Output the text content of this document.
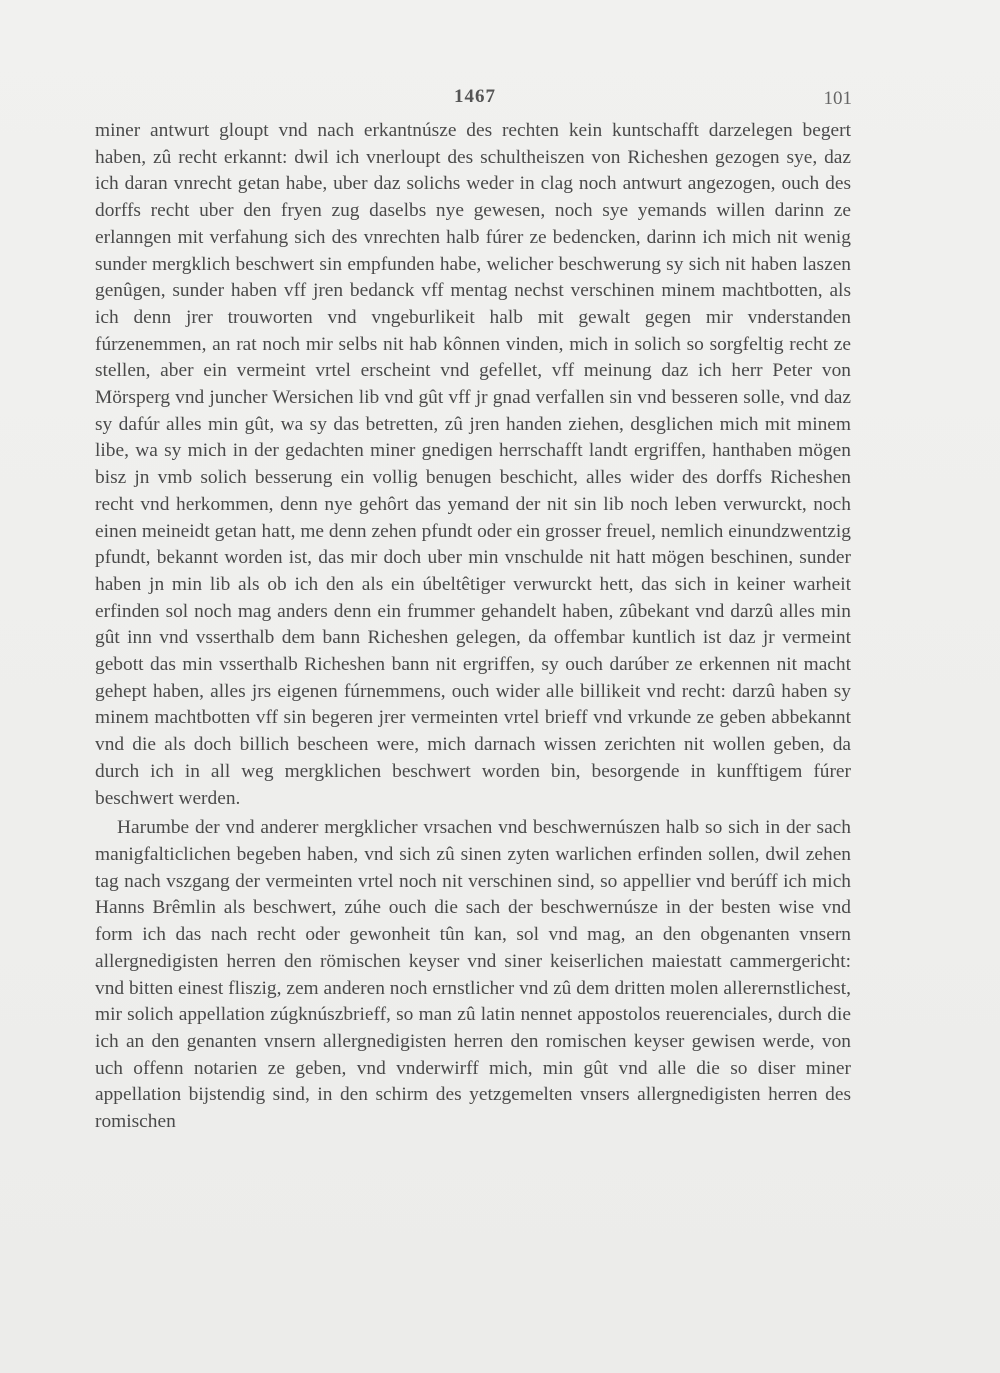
1467	101

miner antwurt gloupt vnd nach erkantnúsze des rechten kein kuntschafft darzelegen begert haben, zû recht erkannt: dwil ich vnerloupt des schultheiszen von Richeshen gezogen sye, daz ich daran vnrecht getan habe, uber daz solichs weder in clag noch antwurt angezogen, ouch des dorffs recht uber den fryen zug daselbs nye gewesen, noch sye yemands willen darinn ze erlanngen mit verfahung sich des vnrechten halb fúrer ze bedencken, darinn ich mich nit wenig sunder mergklich beschwert sin empfunden habe, welicher beschwerung sy sich nit haben laszen genûgen, sunder haben vff jren bedanck vff mentag nechst verschinen minem machtbotten, als ich denn jrer trouworten vnd vngeburlikeit halb mit gewalt gegen mir vnderstanden fúrzenemmen, an rat noch mir selbs nit hab kônnen vinden, mich in solich so sorgfeltig recht ze stellen, aber ein vermeint vrtel erscheint vnd gefellet, vff meinung daz ich herr Peter von Mörsperg vnd juncher Wersichen lib vnd gût vff jr gnad verfallen sin vnd besseren solle, vnd daz sy dafúr alles min gût, wa sy das betretten, zû jren handen ziehen, desglichen mich mit minem libe, wa sy mich in der gedachten miner gnedigen herrschafft landt ergriffen, hanthaben mögen bisz jn vmb solich besserung ein vollig benugen beschicht, alles wider des dorffs Richeshen recht vnd herkommen, denn nye gehôrt das yemand der nit sin lib noch leben verwurckt, noch einen meineidt getan hatt, me denn zehen pfundt oder ein grosser freuel, nemlich einundzwentzig pfundt, bekannt worden ist, das mir doch uber min vnschulde nit hatt mögen beschinen, sunder haben jn min lib als ob ich den als ein úbeltêtiger verwurckt hett, das sich in keiner warheit erfinden sol noch mag anders denn ein frummer gehandelt haben, zûbekant vnd darzû alles min gût inn vnd vsserthalb dem bann Richeshen gelegen, da offembar kuntlich ist daz jr vermeint gebott das min vsserthalb Richeshen bann nit ergriffen, sy ouch darúber ze erkennen nit macht gehept haben, alles jrs eigenen fúrnemmens, ouch wider alle billikeit vnd recht: darzû haben sy minem machtbotten vff sin begeren jrer vermeinten vrtel brieff vnd vrkunde ze geben abbekannt vnd die als doch billich bescheen were, mich darnach wissen zerichten nit wollen geben, da durch ich in all weg mergklichen beschwert worden bin, besorgende in kunfftigem fúrer beschwert werden.

Harumbe der vnd anderer mergklicher vrsachen vnd beschwernúszen halb so sich in der sach manigfalticlichen begeben haben, vnd sich zû sinen zyten warlichen erfinden sollen, dwil zehen tag nach vszgang der vermeinten vrtel noch nit verschinen sind, so appellier vnd berúff ich mich Hanns Brêmlin als beschwert, zúhe ouch die sach der beschwernúsze in der besten wise vnd form ich das nach recht oder gewonheit tûn kan, sol vnd mag, an den obgenanten vnsern allergnedigisten herren den römischen keyser vnd siner keiserlichen maiestatt cammergericht: vnd bitten einest fliszig, zem anderen noch ernstlicher vnd zû dem dritten molen allerernstlichest, mir solich appellation zúgknúszbrieff, so man zû latin nennet appostolos reuerenciales, durch die ich an den genanten vnsern allergnedigisten herren den romischen keyser gewisen werde, von uch offenn notarien ze geben, vnd vnderwirff mich, min gût vnd alle die so diser miner appellation bijstendig sind, in den schirm des yetzgemelten vnsers allergnedigisten herren des romischen
